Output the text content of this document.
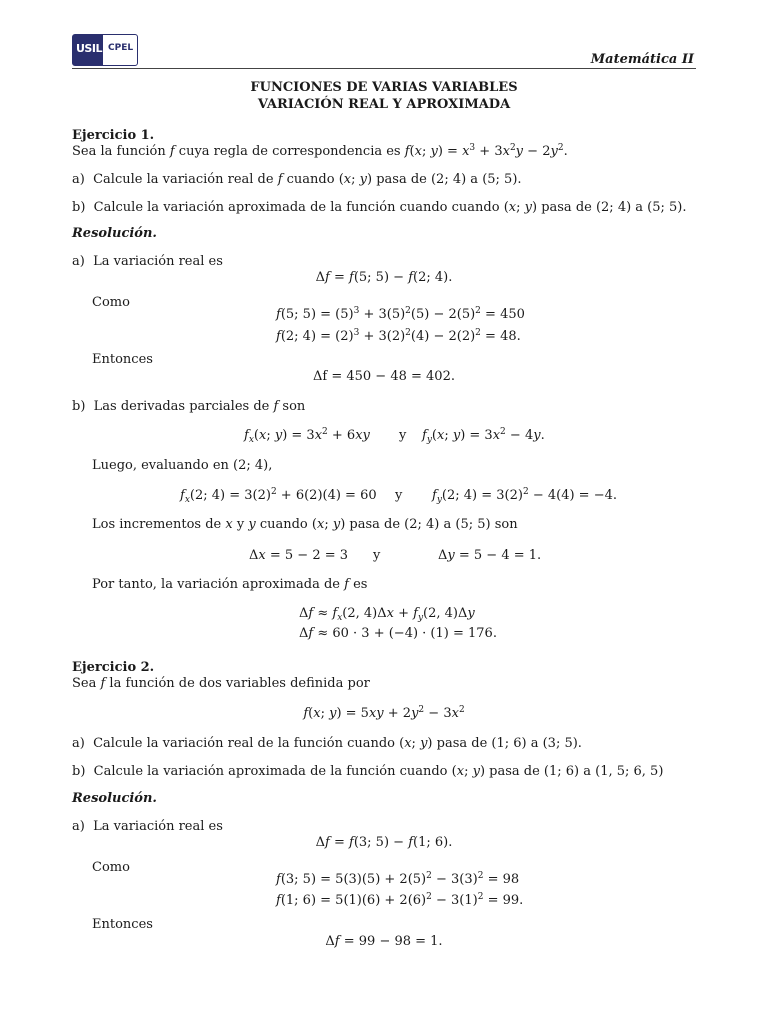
USIL CPEL
Matemática II
FUNCIONES DE VARIAS VARIABLES
VARIACIÓN REAL Y APROXIMADA
Ejercicio 1.
Sea la función f cuya regla de correspondencia es f(x; $y) = x^3 + 3x^2y - 2y^2$.
a)  Calcule la variación real de f cuando (x; y) pasa de (2; 4) a (5; 5).
b)  Calcule la variación aproximada de la función cuando cuando (x; y) pasa de (2; 4) a (5; 5).
Resolución.
a)  La variación real es
Δf = f(5; 5) − f(2; 4).
Como
f(5; $5) = (5)^3 + 3(5)^2(5) - 2(5)^2 = 450$
f(2; $4) = (2)^3 + 3(2)^2(4) - 2(2)^2 = 48$.
Entonces
Δf = 450 − 48 = 402.
b)  Las derivadas parciales de f son
$f_x(x$; $y) = 3x^2 + 6xy$ y $f_y(x$; $y) = 3x^2 - 4y$.
Luego, evaluando en (2; 4),
$f_x(2$; $4) = 3(2)^2 + 6(2)(4) = 60$ y $f_y(2$; $4) = 3(2)^2 - 4(4) = -4$.
Los incrementos de x y y cuando (x; y) pasa de (2; 4) a (5; 5) son
Δx = 5 − 2 = 3 y	Δy = 5 − 4 = 1.
Por tanto, la variación aproximada de f es
$\Delta f \approx f_x(2$, $4)\Delta x + f_y(2$, 4)Δy
Δf ≈ 60 · 3 + (−4) · (1) = 176.
Ejercicio 2.
Sea f la función de dos variables definida por
f(x; $y) = 5xy + 2y^2 - 3x^2$
a)  Calcule la variación real de la función cuando (x; y) pasa de (1; 6) a (3; 5).
b)  Calcule la variación aproximada de la función cuando (x; y) pasa de (1; 6) a (1, 5; 6, 5)
Resolución.
a)  La variación real es
Δf = f(3; 5) − f(1; 6).
Como
f(3; $5) = 5(3)(5) + 2(5)^2 - 3(3)^2 = 98$
f(1; $6) = 5(1)(6) + 2(6)^2 - 3(1)^2 = 99$.
Entonces
Δf = 99 − 98 = 1.
